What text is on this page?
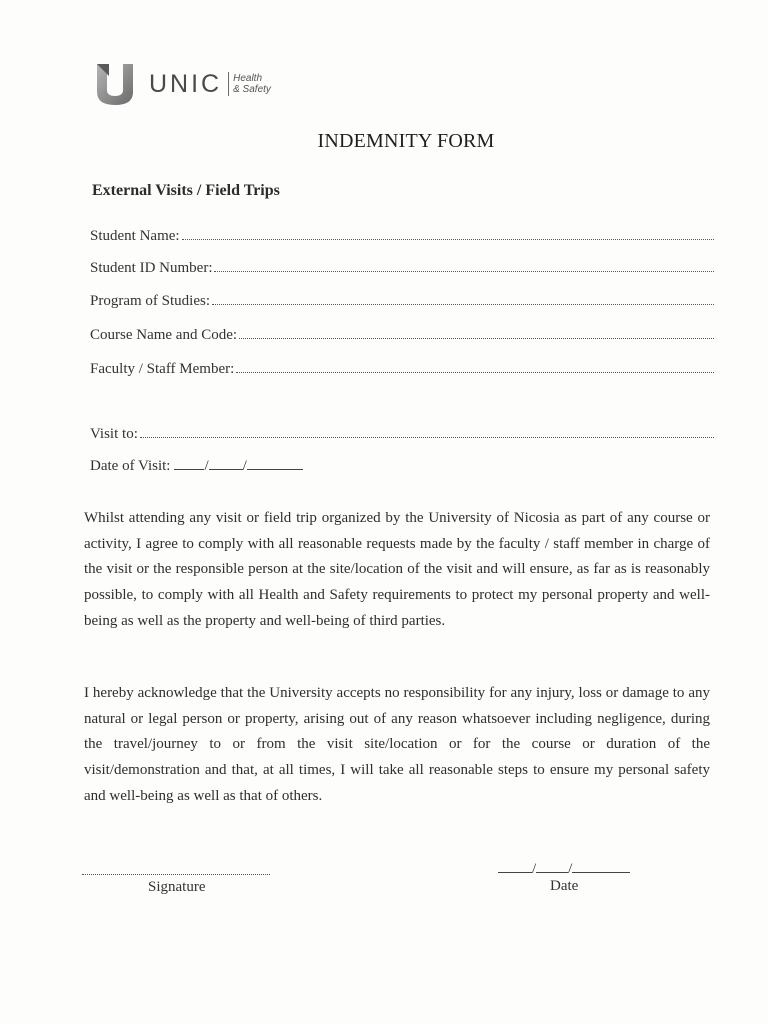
UNIC Health
& Safety
INDEMNITY FORM
External Visits / Field Trips
Student Name:
Student ID Number:
Program of Studies:
Course Name and Code:
Faculty / Staff Member:
Visit to:
Date of Visit: / /
Whilst attending any visit or field trip organized by the University of Nicosia as part of any course or activity, I agree to comply with all reasonable requests made by the faculty / staff member in charge of the visit or the responsible person at the site/location of the visit and will ensure, as far as is reasonably possible, to comply with all Health and Safety requirements to protect my personal property and well-being as well as the property and well-being of third parties.
I hereby acknowledge that the University accepts no responsibility for any injury, loss or damage to any natural or legal person or property, arising out of any reason whatsoever including negligence, during the travel/journey to or from the visit site/location or for the course or duration of the visit/demonstration and that, at all times, I will take all reasonable steps to ensure my personal safety and well-being as well as that of others.
Signature
/ /
Date
